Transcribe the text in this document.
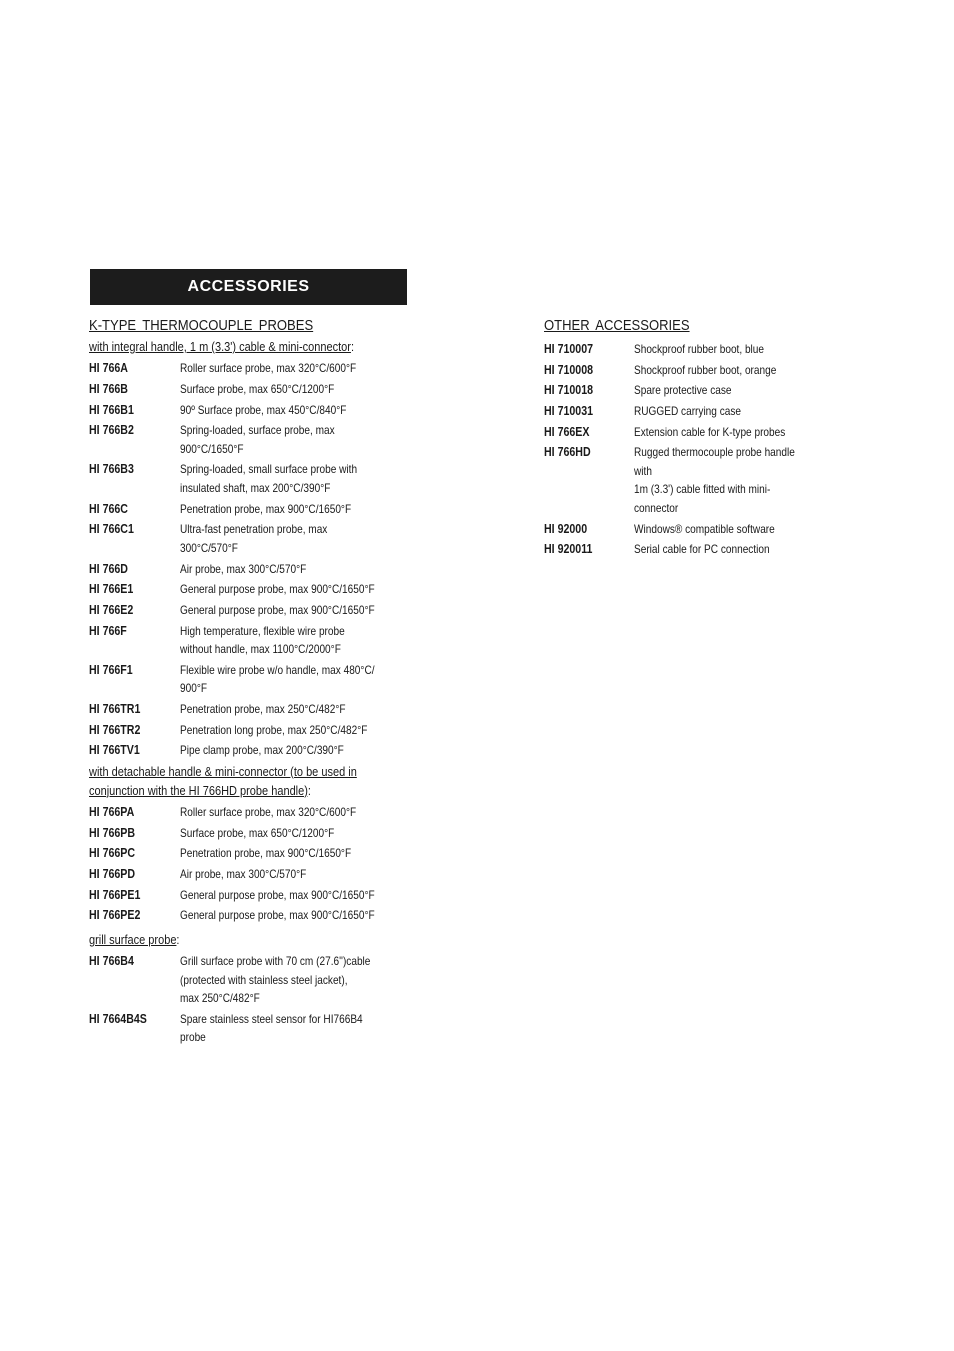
ACCESSORIES
K-TYPE THERMOCOUPLE PROBES
with integral handle, 1 m (3.3') cable & mini-connector:
HI 766A	Roller surface probe, max 320°C/600°F
HI 766B	Surface probe, max 650°C/1200°F
HI 766B1	90º Surface probe, max 450°C/840°F
HI 766B2	Spring-loaded, surface probe, max 900°C/1650°F
HI 766B3	Spring-loaded, small surface probe with
insulated shaft, max 200°C/390°F
HI 766C	Penetration probe, max 900°C/1650°F
HI 766C1	Ultra-fast penetration probe, max 300°C/570°F
HI 766D	Air probe, max 300°C/570°F
HI 766E1	General purpose probe, max 900°C/1650°F
HI 766E2	General purpose probe, max 900°C/1650°F
HI 766F	High temperature, flexible wire probe
without handle, max 1100°C/2000°F
HI 766F1	Flexible wire probe w/o handle, max 480°C/ 900°F
HI 766TR1	Penetration probe, max 250°C/482°F
HI 766TR2	Penetration long probe, max 250°C/482°F
HI 766TV1	Pipe clamp probe, max 200°C/390°F
with detachable handle & mini-connector (to be used in
conjunction with the HI 766HD probe handle):
HI 766PA	Roller surface probe, max 320°C/600°F
HI 766PB	Surface probe, max 650°C/1200°F
HI 766PC	Penetration probe, max 900°C/1650°F
HI 766PD	Air probe, max 300°C/570°F
HI 766PE1	General purpose probe, max 900°C/1650°F
HI 766PE2	General purpose probe, max 900°C/1650°F
grill surface probe:
HI 766B4	Grill surface probe with 70 cm (27.6'')cable
(protected with stainless steel jacket),
max 250°C/482°F
HI 7664B4S	Spare stainless steel sensor for HI766B4 probe
OTHER ACCESSORIES
HI 710007	Shockproof rubber boot, blue
HI 710008	Shockproof rubber boot, orange
HI 710018	Spare protective case
HI 710031	RUGGED carrying case
HI 766EX	Extension cable for K-type probes
HI 766HD	Rugged thermocouple probe handle with
1m (3.3') cable fitted with mini-connector
HI 92000	Windows® compatible software
HI 920011	Serial cable for PC connection
